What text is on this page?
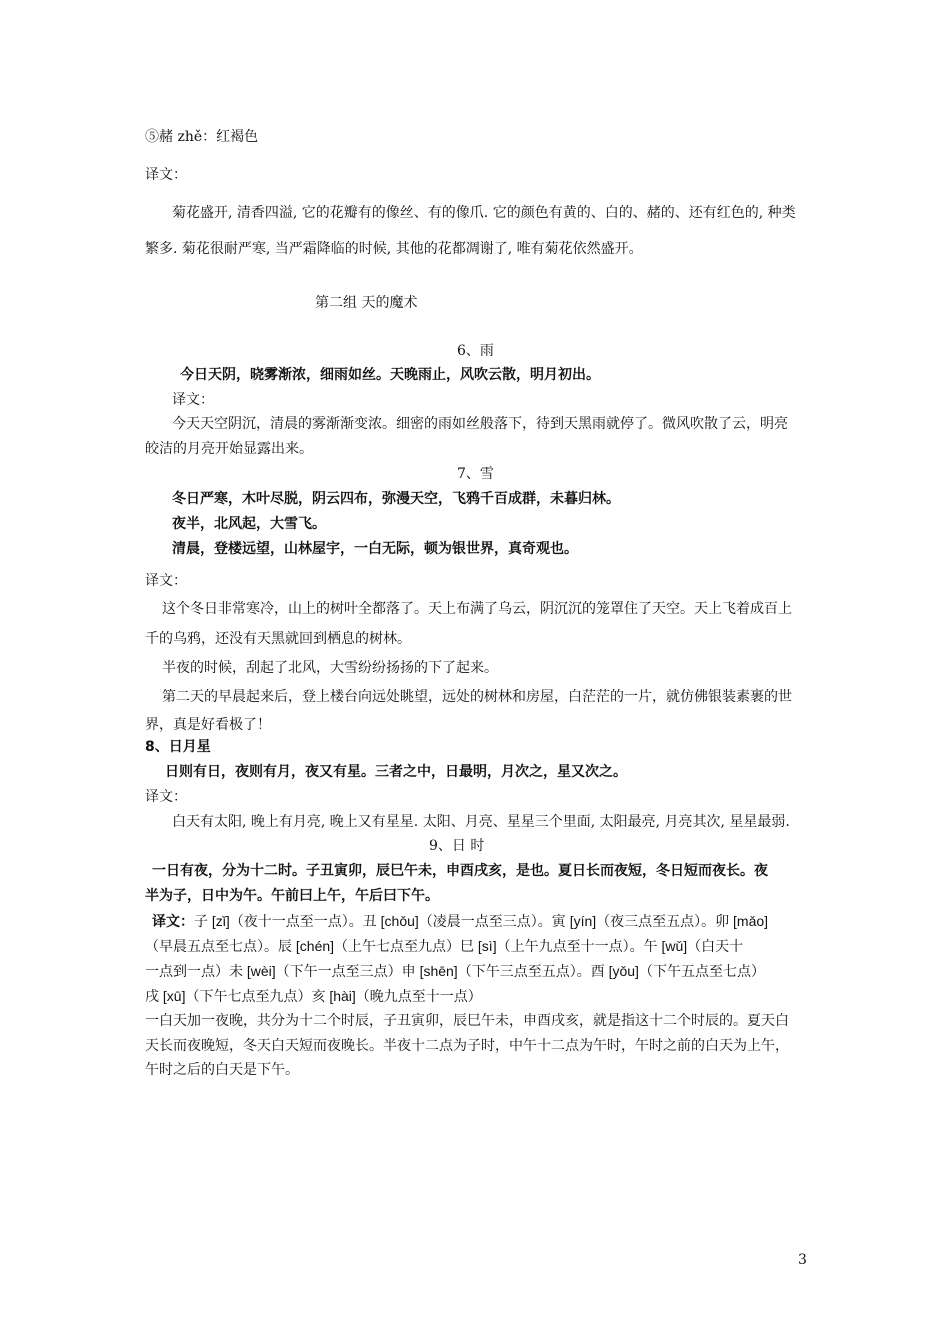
⑤赭 zhě：红褐色

译文：

菊花盛开, 清香四溢, 它的花瓣有的像丝、有的像爪. 它的颜色有黄的、白的、赭的、还有红色的, 种类

繁多. 菊花很耐严寒, 当严霜降临的时候, 其他的花都凋谢了, 唯有菊花依然盛开。

第二组 天的魔术

6、雨

今日天阴，晓雾渐浓，细雨如丝。天晚雨止，风吹云散，明月初出。

译文：

今天天空阴沉，清晨的雾渐渐变浓。细密的雨如丝般落下，待到天黑雨就停了。微风吹散了云，明亮

皎洁的月亮开始显露出来。

7、雪

冬日严寒，木叶尽脱，阴云四布，弥漫天空，飞鸦千百成群，未暮归林。

夜半，北风起，大雪飞。

清晨，登楼远望，山林屋宇，一白无际，顿为银世界，真奇观也。

译文：

这个冬日非常寒冷，山上的树叶全都落了。天上布满了乌云，阴沉沉的笼罩住了天空。天上飞着成百上

千的乌鸦，还没有天黑就回到栖息的树林。

半夜的时候，刮起了北风，大雪纷纷扬扬的下了起来。

第二天的早晨起来后，登上楼台向远处眺望，远处的树林和房屋，白茫茫的一片，就仿佛银装素裹的世

界，真是好看极了！

8、日月星

日则有日，夜则有月，夜又有星。三者之中，日最明，月次之，星又次之。

译文：

白天有太阳, 晚上有月亮, 晚上又有星星. 太阳、月亮、星星三个里面, 太阳最亮, 月亮其次, 星星最弱.

9、日 时

一日有夜，分为十二时。子丑寅卯，辰巳午未，申酉戌亥，是也。夏日长而夜短，冬日短而夜长。夜

半为子，日中为午。午前曰上午，午后曰下午。

译文：子 [zǐ]（夜十一点至一点）。丑 [chǒu]（凌晨一点至三点）。寅 [yín]（夜三点至五点）。卯 [mǎo]

（早晨五点至七点）。辰 [chén]（上午七点至九点）巳 [sì]（上午九点至十一点）。午 [wǔ]（白天十

一点到一点）未 [wèi]（下午一点至三点）申 [shēn]（下午三点至五点）。酉 [yǒu]（下午五点至七点）

戌 [xū]（下午七点至九点）亥 [hài]（晚九点至十一点）

一白天加一夜晚，共分为十二个时辰，子丑寅卯，辰巳午未，申酉戌亥，就是指这十二个时辰的。夏天白

天长而夜晚短，冬天白天短而夜晚长。半夜十二点为子时，中午十二点为午时，午时之前的白天为上午，

午时之后的白天是下午。

3
